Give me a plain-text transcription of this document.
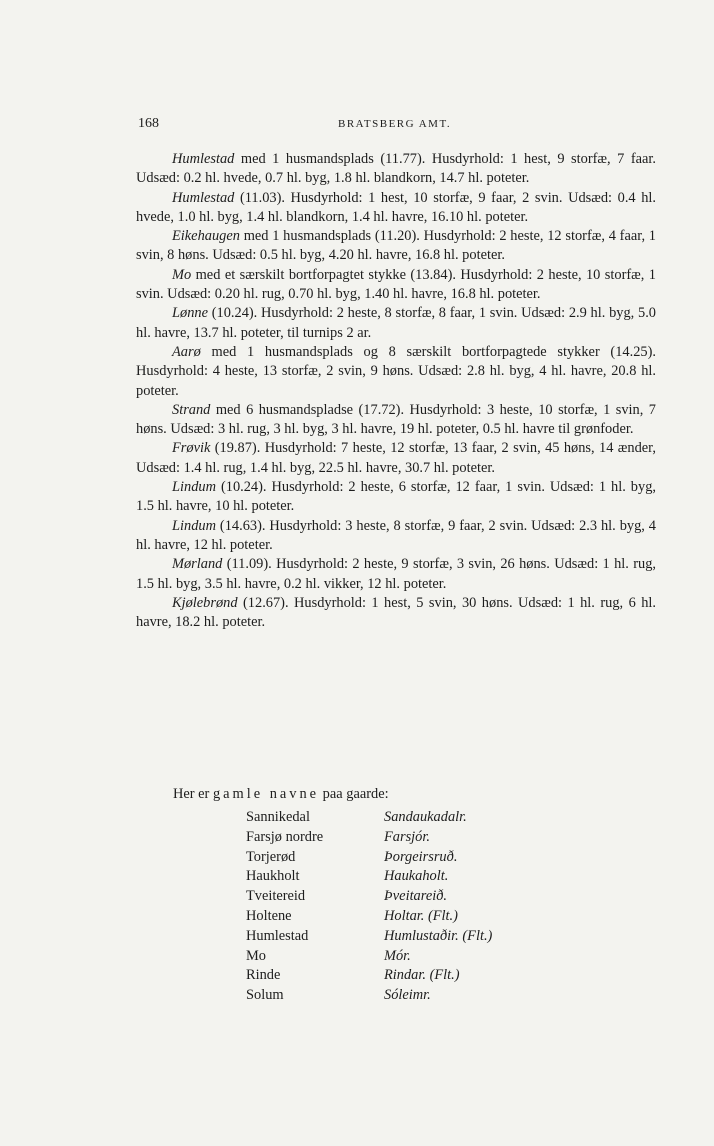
168	BRATSBERG AMT.

Humlestad med 1 husmandsplads (11.77). Husdyrhold: 1 hest, 9 storfæ, 7 faar. Udsæd: 0.2 hl. hvede, 0.7 hl. byg, 1.8 hl. blandkorn, 14.7 hl. poteter.

Humlestad (11.03). Husdyrhold: 1 hest, 10 storfæ, 9 faar, 2 svin. Udsæd: 0.4 hl. hvede, 1.0 hl. byg, 1.4 hl. blandkorn, 1.4 hl. havre, 16.10 hl. poteter.

Eikehaugen med 1 husmandsplads (11.20). Husdyrhold: 2 heste, 12 storfæ, 4 faar, 1 svin, 8 høns. Udsæd: 0.5 hl. byg, 4.20 hl. havre, 16.8 hl. poteter.

Mo med et særskilt bortforpagtet stykke (13.84). Husdyrhold: 2 heste, 10 storfæ, 1 svin. Udsæd: 0.20 hl. rug, 0.70 hl. byg, 1.40 hl. havre, 16.8 hl. poteter.

Lønne (10.24). Husdyrhold: 2 heste, 8 storfæ, 8 faar, 1 svin. Udsæd: 2.9 hl. byg, 5.0 hl. havre, 13.7 hl. poteter, til turnips 2 ar.

Aarø med 1 husmandsplads og 8 særskilt bortforpagtede stykker (14.25). Husdyrhold: 4 heste, 13 storfæ, 2 svin, 9 høns. Udsæd: 2.8 hl. byg, 4 hl. havre, 20.8 hl. poteter.

Strand med 6 husmandspladse (17.72). Husdyrhold: 3 heste, 10 storfæ, 1 svin, 7 høns. Udsæd: 3 hl. rug, 3 hl. byg, 3 hl. havre, 19 hl. poteter, 0.5 hl. havre til grønfoder.

Frøvik (19.87). Husdyrhold: 7 heste, 12 storfæ, 13 faar, 2 svin, 45 høns, 14 ænder, Udsæd: 1.4 hl. rug, 1.4 hl. byg, 22.5 hl. havre, 30.7 hl. poteter.

Lindum (10.24). Husdyrhold: 2 heste, 6 storfæ, 12 faar, 1 svin. Udsæd: 1 hl. byg, 1.5 hl. havre, 10 hl. poteter.

Lindum (14.63). Husdyrhold: 3 heste, 8 storfæ, 9 faar, 2 svin. Udsæd: 2.3 hl. byg, 4 hl. havre, 12 hl. poteter.

Mørland (11.09). Husdyrhold: 2 heste, 9 storfæ, 3 svin, 26 høns. Udsæd: 1 hl. rug, 1.5 hl. byg, 3.5 hl. havre, 0.2 hl. vikker, 12 hl. poteter.

Kjølebrønd (12.67). Husdyrhold: 1 hest, 5 svin, 30 høns. Udsæd: 1 hl. rug, 6 hl. havre, 18.2 hl. poteter.

Her er gamle navne paa gaarde:
Sannikedal	Sandaukadalr.
Farsjø nordre	Farsjór.
Torjerød	Þorgeirsruð.
Haukholt	Haukaholt.
Tveitereid	Þveitareið.
Holtene	Holtar. (Flt.)
Humlestad	Humlustaðir. (Flt.)
Mo	Mór.
Rinde	Rindar. (Flt.)
Solum	Sóleimr.
